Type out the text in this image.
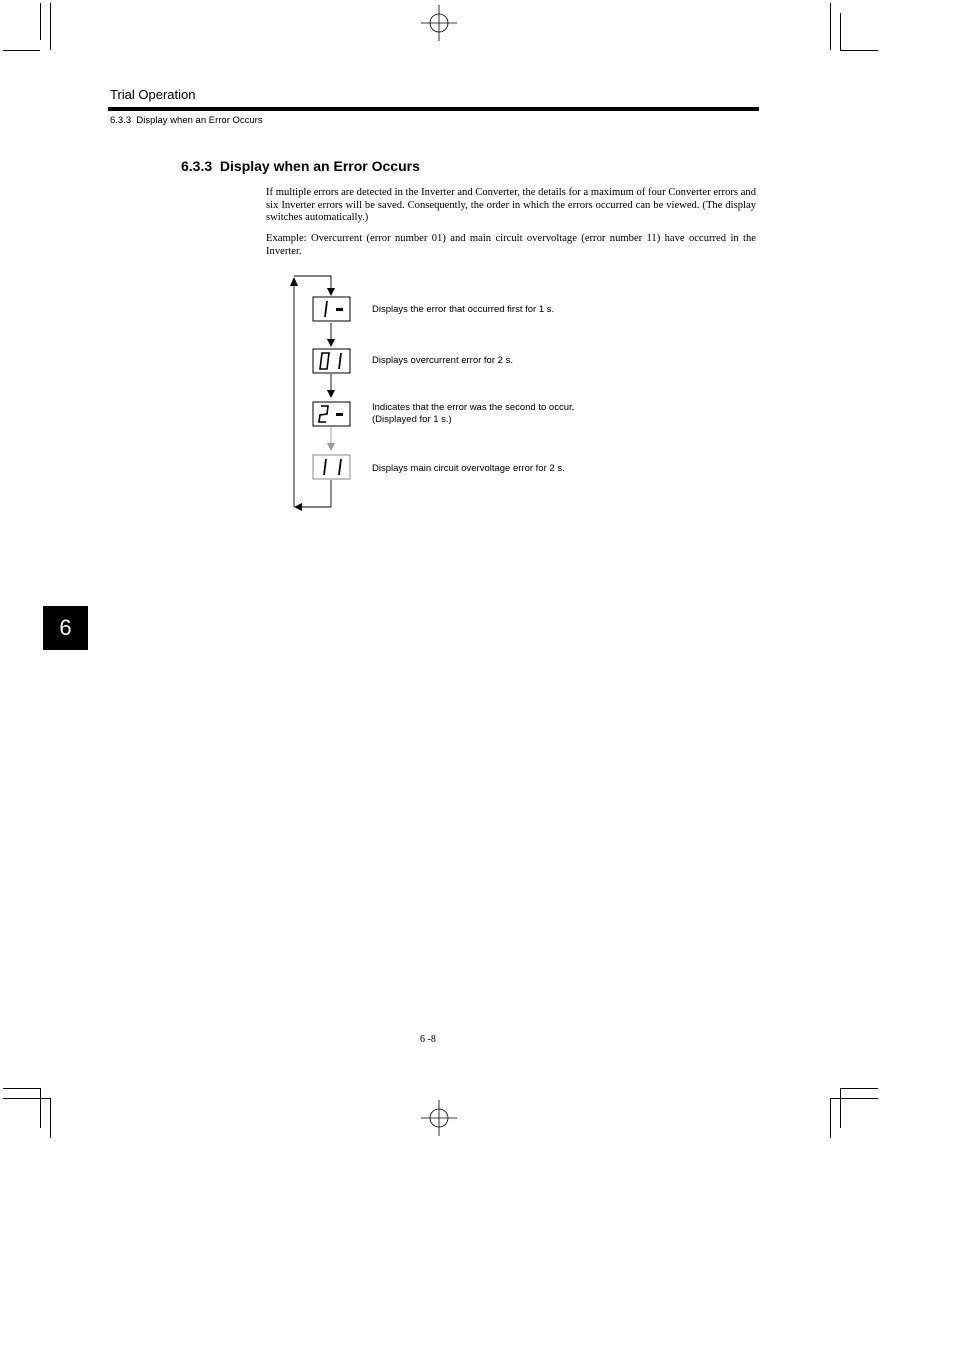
Trial Operation
6.3.3  Display when an Error Occurs
6.3.3  Display when an Error Occurs
If multiple errors are detected in the Inverter and Converter, the details for a maximum of four Converter errors and six Inverter errors will be saved. Consequently, the order in which the errors occurred can be viewed. (The display switches automatically.)
Example: Overcurrent (error number 01) and main circuit overvoltage (error number 11) have occurred in the Inverter.
Displays the error that occurred first for 1 s.
Displays overcurrent error for 2 s.
Indicates that the error was the second to occur.
(Displayed for 1 s.)
Displays main circuit overvoltage error for 2 s.
6
6 -8
